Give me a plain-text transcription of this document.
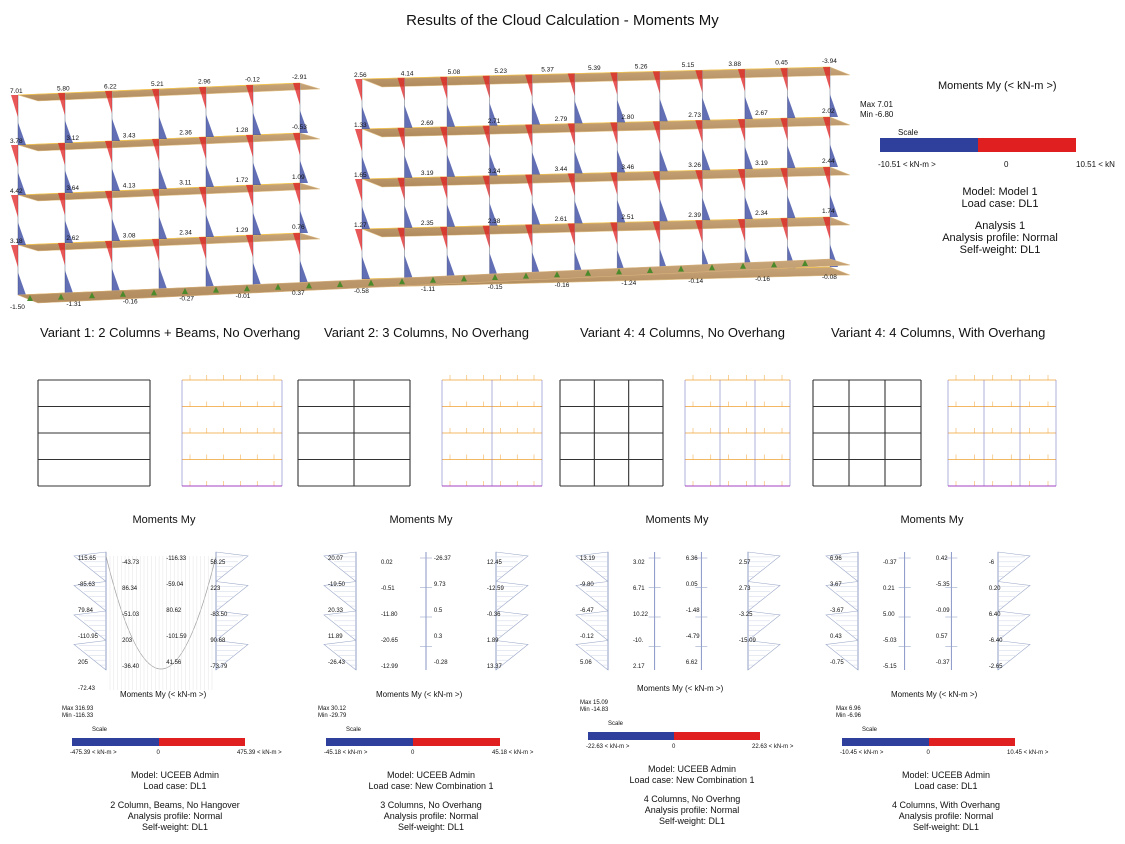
Results of the Cloud Calculation - Moments My
7.01	5.80	6.22	5.21	2.96	-0.12	-2.91
3.78	3.12	3.43	2.36	1.28	-0.53
4.42	3.64	4.13	3.11	1.72	1.09
3.18	2.62	3.08	2.34	1.29	0.76
-1.50	-1.31	-0.16	-0.27	-0.01	0.37
2.56	4.14	5.08	5.23	5.37	5.39	5.26	5.15	3.88	0.45	-3.94
1.33	2.69	2.71	2.79	2.80	2.73	2.67	2.02
1.65	3.19	3.24	3.44	3.46	3.26	3.19	2.44
1.27	2.35	2.38	2.61	2.51	2.39	2.34	1.74
-0.58	-1.11	-0.15	-0.16	-1.24	-0.14	-0.16	-0.08
Moments My (< kN-m >)
Max 7.01
Min -6.80
Scale
-10.51 < kN-m >	0	10.51 < kN
Model: Model 1
Load case: DL1
Analysis 1
Analysis profile: Normal
Self-weight: DL1
Variant 1: 2 Columns + Beams, No Overhang Variant 2: 3 Columns, No Overhang	Variant 4: 4 Columns, No Overhang	Variant 4: 4 Columns, With Overhang
Moments My	Moments My	Moments My	Moments My
115.65
-43.73
-116.33
58.25
-85.63
86.34
-59.04
223
79.84
-51.03
80.62
-83.50
-110.95
203
-101.59
90.68
205
-36.40
41.56
-73.79
-72.43
20.07
0.02
-26.37
12.45
-19.50
-0.51
9.73
-12.59
20.33
-11.80
0.5
-0.36
11.89
-20.65
0.3
1.89
-26.43
-12.99
-0.28
13.37
13.19
3.02
6.36
2.57
-9.80
6.71
0.05
2.73
-6.47
10.22
-1.48
-3.25
-0.12
-10.
-4.79
-15.09
5.06
2.17
6.62
6.96
-0.37
0.42
-6
3.67
0.21
-5.35
0.20
-3.67
5.00
-0.09
6.40
0.43
-5.03
0.57
-6.40
-0.75
-5.15
-0.37
-2.65
Moments My (< kN-m >)
Max 316.93
Min -116.33
Scale
-475.39 < kN-m >	0	475.39 < kN-m >
Model: UCEEB Admin
Load case: DL1
2 Column, Beams, No Hangover
Analysis profile: Normal
Self-weight: DL1
Moments My (< kN-m >)
Max 30.12
Min -29.79
Scale
-45.18 < kN-m >	0	45.18 < kN-m >
Model: UCEEB Admin
Load case: New Combination 1
3 Columns, No Overhang
Analysis profile: Normal
Self-weight: DL1
Moments My (< kN-m >)
Max 15.09
Min -14.83
Scale
-22.63 < kN-m >	0	22.63 < kN-m >
Model: UCEEB Admin
Load case: New Combination 1
4 Columns, No Overhng
Analysis profile: Normal
Self-weight: DL1
Moments My (< kN-m >)
Max 6.96
Min -6.96
Scale
-10.45 < kN-m >	0	10.45 < kN-m >
Model: UCEEB Admin
Load case: DL1
4 Columns, With Overhang
Analysis profile: Normal
Self-weight: DL1
